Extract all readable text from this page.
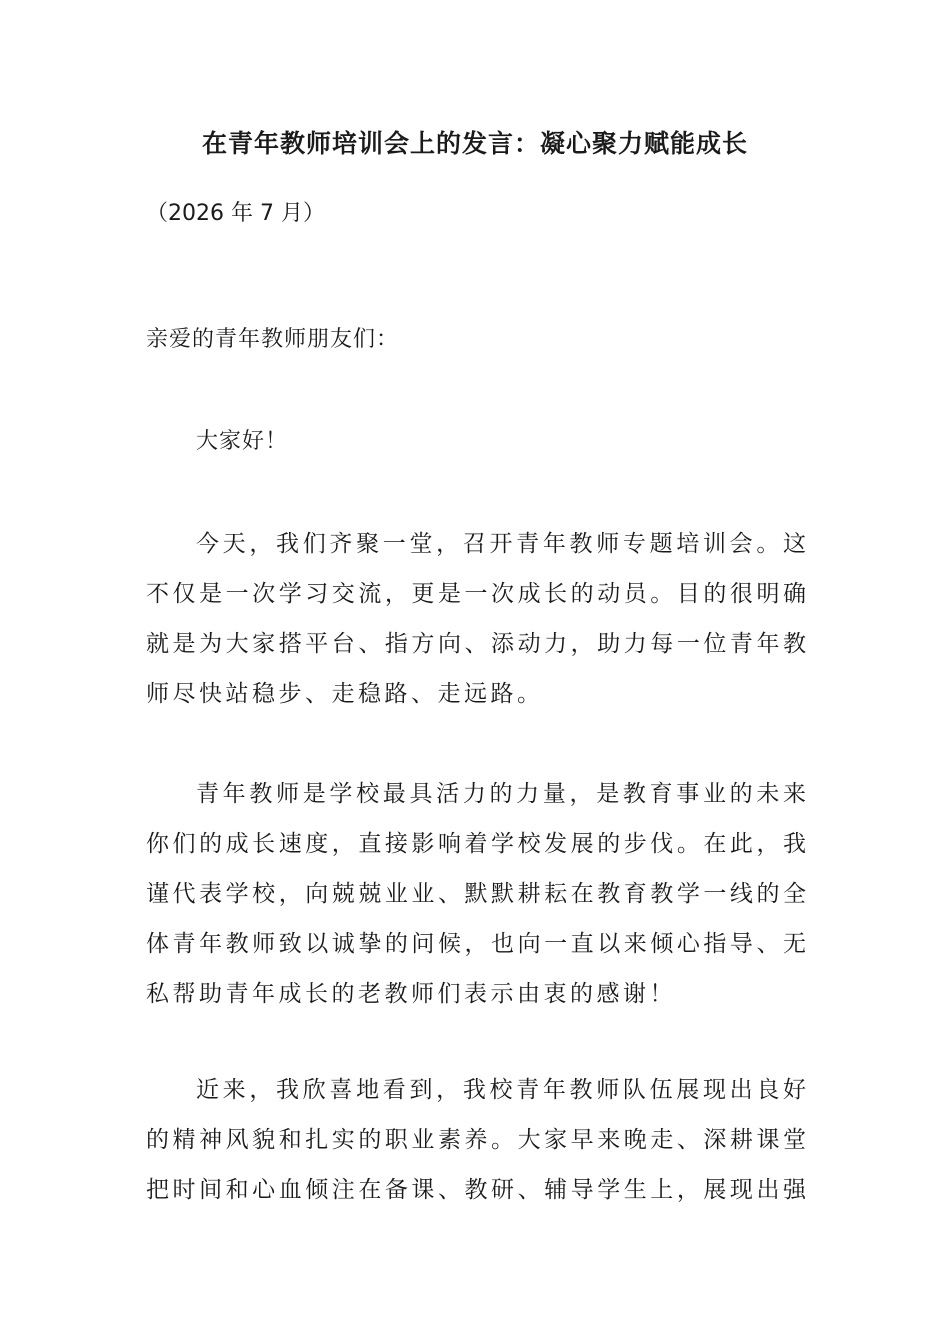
在青年教师培训会上的发言：凝心聚力赋能成长

（2026 年 7 月）

亲爱的青年教师朋友们：

大家好！

今天，我们齐聚一堂，召开青年教师专题培训会。这
不仅是一次学习交流，更是一次成长的动员。目的很明确
就是为大家搭平台、指方向、添动力，助力每一位青年教
师尽快站稳步、走稳路、走远路。
青年教师是学校最具活力的力量，是教育事业的未来
你们的成长速度，直接影响着学校发展的步伐。在此，我
谨代表学校，向兢兢业业、默默耕耘在教育教学一线的全
体青年教师致以诚挚的问候，也向一直以来倾心指导、无
私帮助青年成长的老教师们表示由衷的感谢！
近来，我欣喜地看到，我校青年教师队伍展现出良好
的精神风貌和扎实的职业素养。大家早来晚走、深耕课堂
把时间和心血倾注在备课、教研、辅导学生上，展现出强
